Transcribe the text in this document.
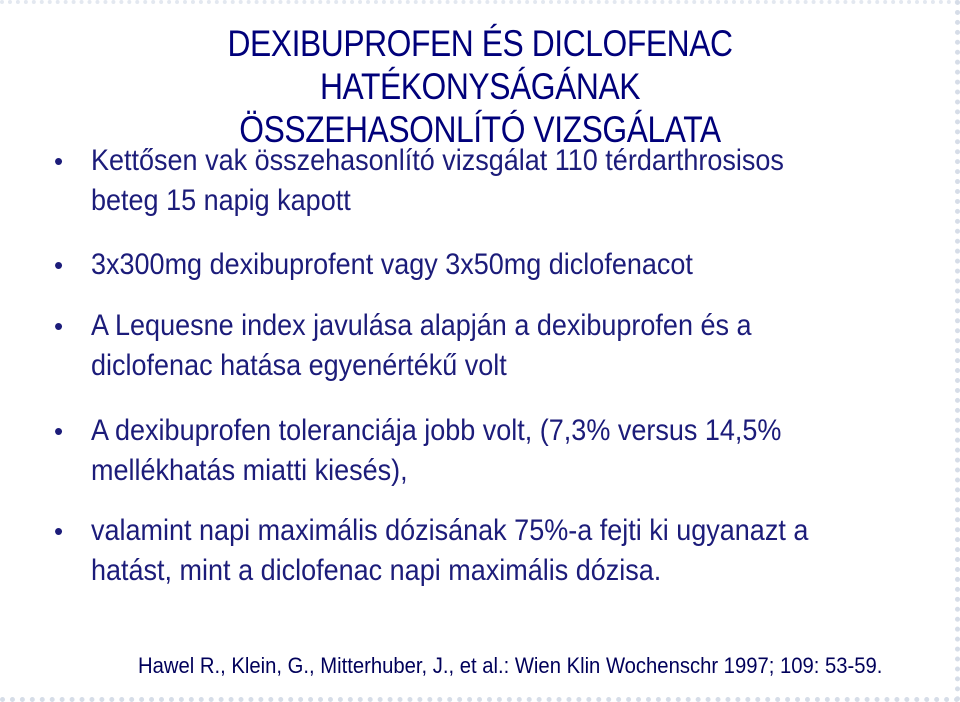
DEXIBUPROFEN ÉS DICLOFENAC HATÉKONYSÁGÁNAK
ÖSSZEHASONLÍTÓ VIZSGÁLATA
• Kettősen vak összehasonlító vizsgálat 110 térdarthrosisos
beteg 15 napig kapott
• 3x300mg dexibuprofent vagy 3x50mg diclofenacot
• A Lequesne index javulása alapján a dexibuprofen és a
diclofenac hatása egyenértékű volt
• A dexibuprofen toleranciája jobb volt, (7,3% versus 14,5%
mellékhatás miatti kiesés),
• valamint napi maximális dózisának 75%-a fejti ki ugyanazt a
hatást, mint a diclofenac napi maximális dózisa.

Hawel R., Klein, G., Mitterhuber, J., et al.: Wien Klin Wochenschr 1997; 109: 53-59.
